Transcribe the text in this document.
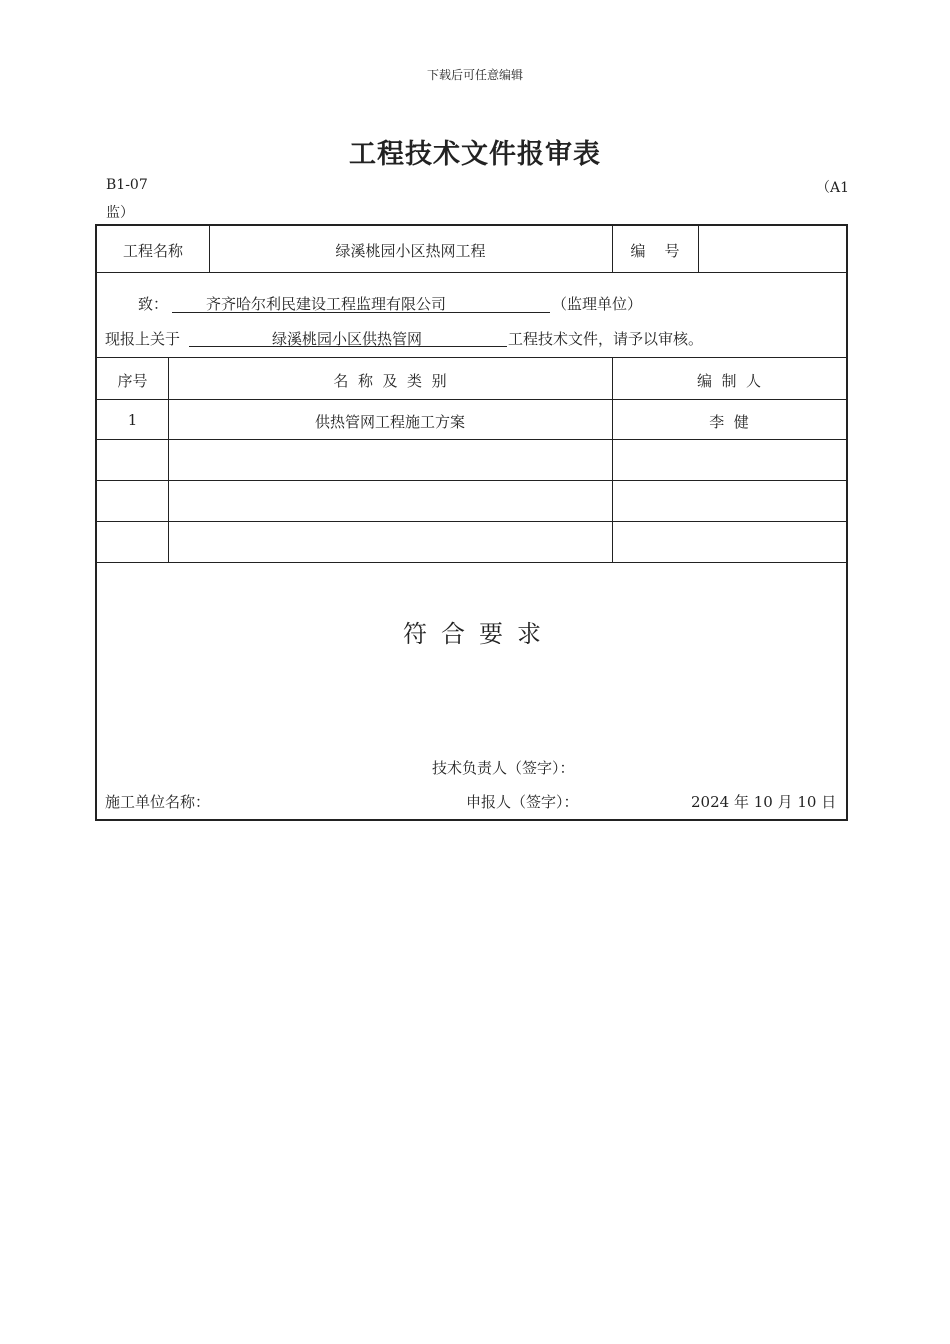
下载后可任意编辑
工程技术文件报审表
B1-07	（A1
监）
工程名称	绿溪桃园小区热网工程	编    号
致：	齐齐哈尔利民建设工程监理有限公司	（监理单位）
现报上关于	绿溪桃园小区供热管网	工程技术文件，请予以审核。
序号	名  称  及  类  别	编  制  人
1	供热管网工程施工方案	李  健
符合要求
技术负责人（签字）：
施工单位名称：	申报人（签字）：	2024 年 10 月 10 日
